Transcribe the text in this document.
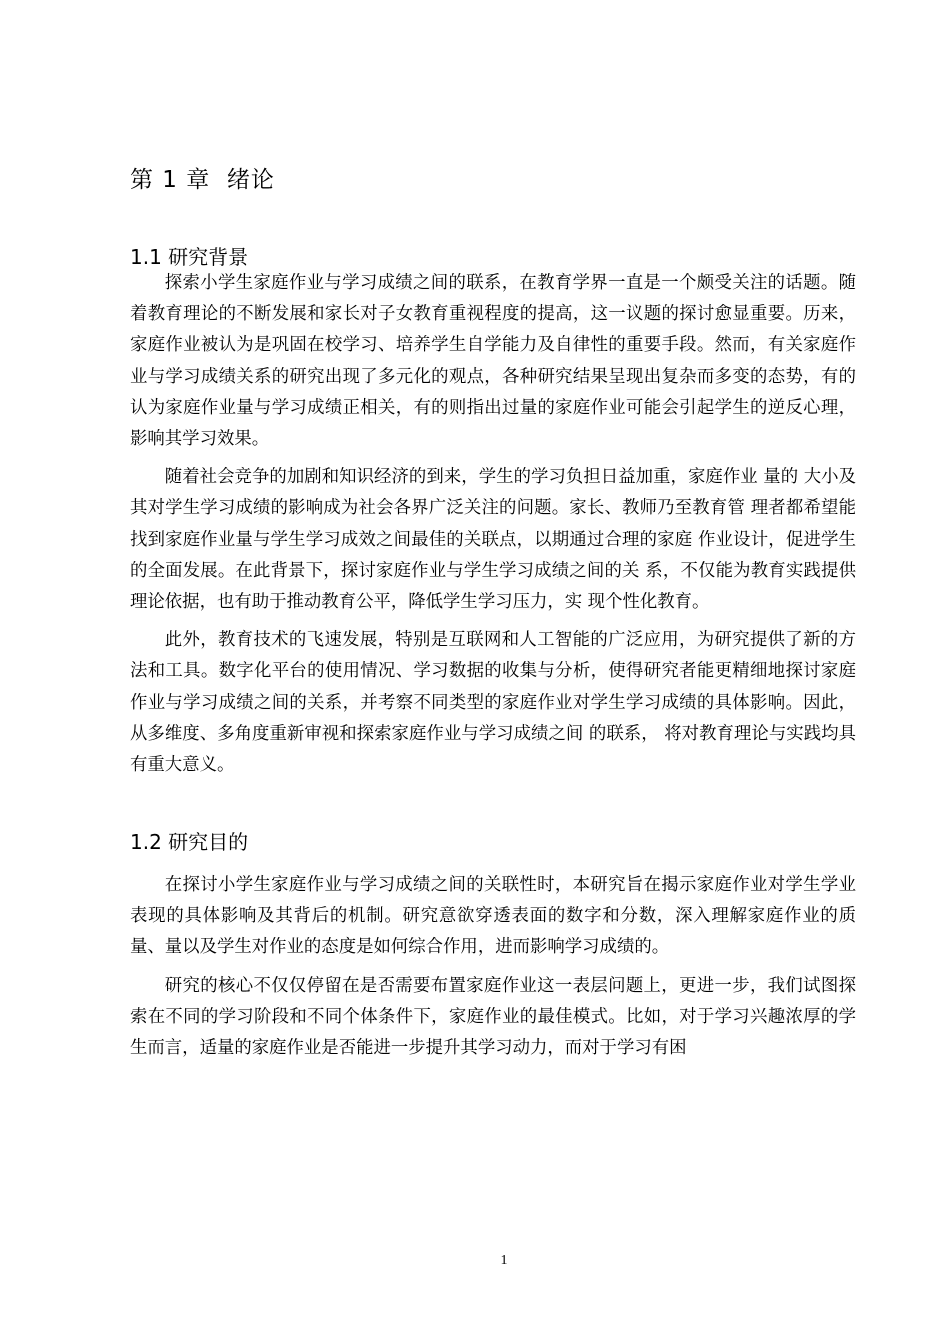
第 1 章  绪论
1.1 研究背景

探索小学生家庭作业与学习成绩之间的联系，在教育学界一直是一个颇受关注的话题。随着教育理论的不断发展和家长对子女教育重视程度的提高，这一议题的探讨愈显重要。历来，家庭作业被认为是巩固在校学习、培养学生自学能力及自律性的重要手段。然而，有关家庭作业与学习成绩关系的研究出现了多元化的观点，各种研究结果呈现出复杂而多变的态势，有的认为家庭作业量与学习成绩正相关，有的则指出过量的家庭作业可能会引起学生的逆反心理，影响其学习效果。

随着社会竞争的加剧和知识经济的到来，学生的学习负担日益加重，家庭作业 量的 大小及其对学生学习成绩的影响成为社会各界广泛关注的问题。家长、教师乃至教育管 理者都希望能找到家庭作业量与学生学习成效之间最佳的关联点，以期通过合理的家庭 作业设计，促进学生的全面发展。在此背景下，探讨家庭作业与学生学习成绩之间的关 系，不仅能为教育实践提供理论依据，也有助于推动教育公平，降低学生学习压力，实 现个性化教育。

此外，教育技术的飞速发展，特别是互联网和人工智能的广泛应用，为研究提供了新的方法和工具。数字化平台的使用情况、学习数据的收集与分析，使得研究者能更精细地探讨家庭作业与学习成绩之间的关系，并考察不同类型的家庭作业对学生学习成绩的具体影响。因此，从多维度、多角度重新审视和探索家庭作业与学习成绩之间 的联系， 将对教育理论与实践均具有重大意义。

1.2 研究目的

在探讨小学生家庭作业与学习成绩之间的关联性时，本研究旨在揭示家庭作业对学生学业表现的具体影响及其背后的机制。研究意欲穿透表面的数字和分数，深入理解家庭作业的质量、量以及学生对作业的态度是如何综合作用，进而影响学习成绩的。

研究的核心不仅仅停留在是否需要布置家庭作业这一表层问题上，更进一步，我们试图探索在不同的学习阶段和不同个体条件下，家庭作业的最佳模式。比如，对于学习兴趣浓厚的学生而言，适量的家庭作业是否能进一步提升其学习动力，而对于学习有困

1
